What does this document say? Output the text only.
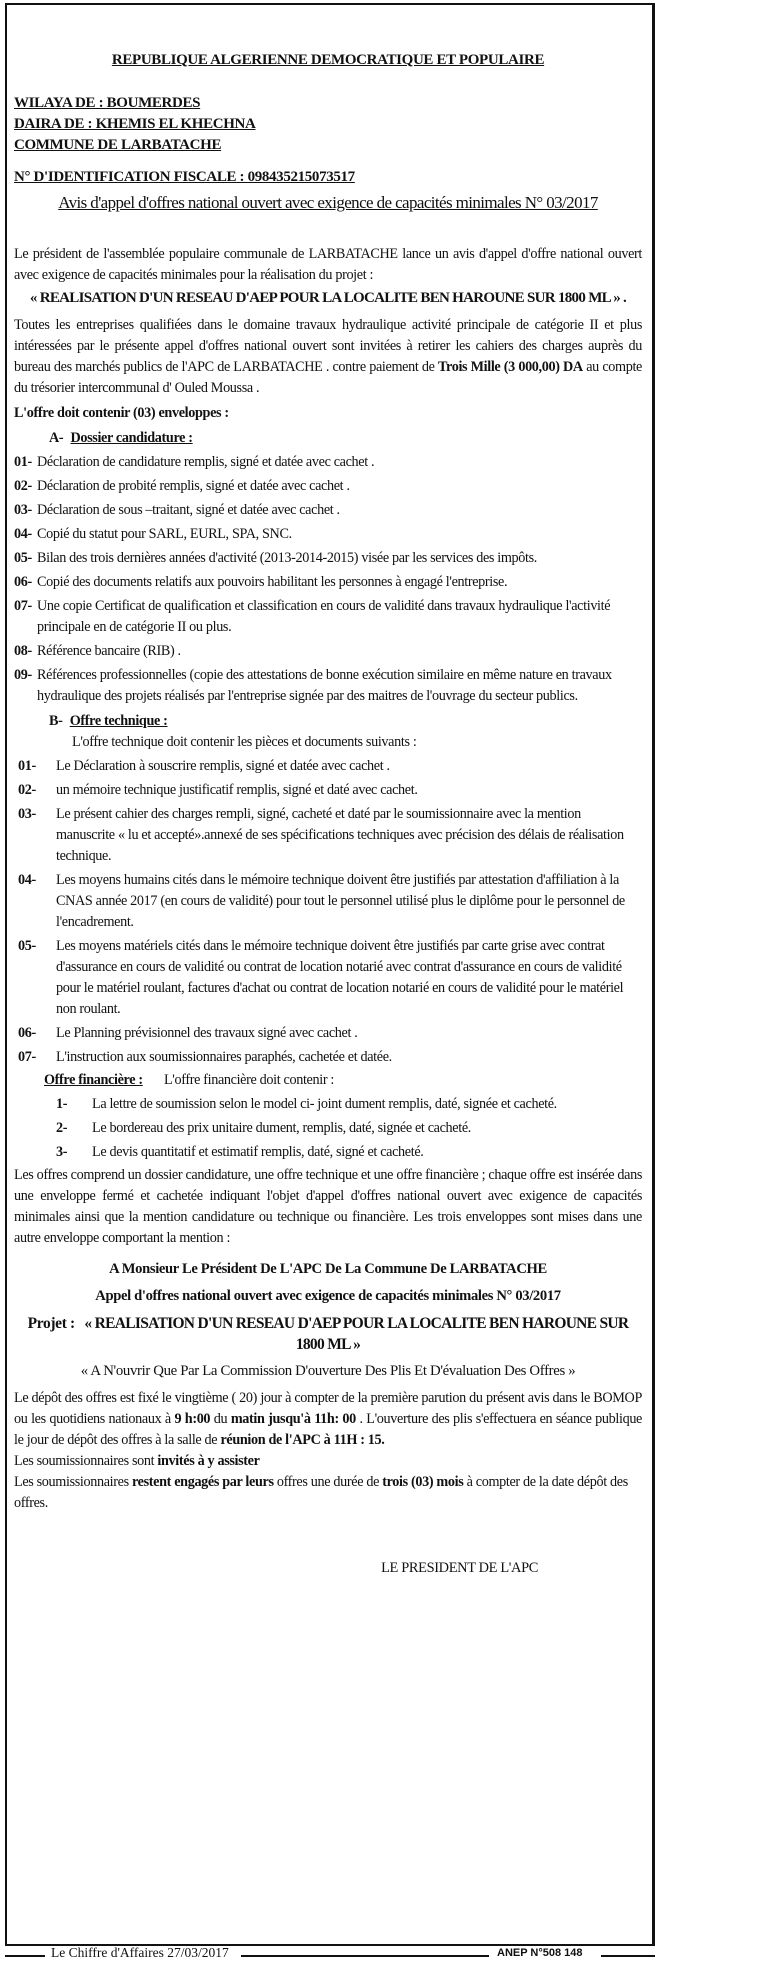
REPUBLIQUE ALGERIENNE DEMOCRATIQUE ET POPULAIRE
WILAYA DE : BOUMERDES
DAIRA DE : KHEMIS EL KHECHNA
COMMUNE DE LARBATACHE
N° D'IDENTIFICATION FISCALE : 098435215073517
Avis d'appel d'offres national ouvert avec exigence de capacités minimales N° 03/2017
Le président de l'assemblée populaire communale de LARBATACHE lance un avis d'appel d'offre national ouvert avec exigence de capacités minimales pour la réalisation du projet :
« REALISATION D'UN RESEAU D'AEP POUR LA LOCALITE BEN HAROUNE SUR 1800 ML » .
Toutes les entreprises qualifiées dans le domaine travaux hydraulique activité principale de catégorie II et plus intéressées par le présente appel d'offres national ouvert sont invitées à retirer les cahiers des charges auprès du bureau des marchés publics de l'APC de LARBATACHE . contre paiement de Trois Mille (3 000,00) DA au compte du trésorier intercommunal d' Ouled Moussa .
L'offre doit contenir (03) enveloppes :
A- Dossier candidature :
01- Déclaration de candidature remplis, signé et datée avec cachet .
02- Déclaration de probité remplis, signé et datée avec cachet .
03- Déclaration de sous –traitant, signé et datée avec cachet .
04- Copié du statut pour SARL, EURL, SPA, SNC.
05- Bilan des trois dernières années d'activité (2013-2014-2015) visée par les services des impôts.
06- Copié des documents relatifs aux pouvoirs habilitant les personnes à engagé l'entreprise.
07- Une copie Certificat de qualification et classification en cours de validité dans travaux hydraulique l'activité principale en de catégorie II ou plus.
08- Référence bancaire (RIB) .
09- Références professionnelles (copie des attestations de bonne exécution similaire en même nature en travaux hydraulique des projets réalisés par l'entreprise signée par des maitres de l'ouvrage du secteur publics.
B- Offre technique :
L'offre technique doit contenir les pièces et documents suivants :
01-	Le Déclaration à souscrire remplis, signé et datée avec cachet .
02-	un mémoire technique justificatif remplis, signé et daté avec cachet.
03-	Le présent cahier des charges rempli, signé, cacheté et daté par le soumissionnaire avec la mention manuscrite « lu et accepté».annexé de ses spécifications techniques avec précision des délais de réalisation technique.
04-	Les moyens humains cités dans le mémoire technique doivent être justifiés par attestation d'affiliation à la CNAS année 2017 (en cours de validité) pour tout le personnel utilisé plus le diplôme pour le personnel de l'encadrement.
05-	Les moyens matériels cités dans le mémoire technique doivent être justifiés par carte grise avec contrat d'assurance en cours de validité ou contrat de location notarié avec contrat d'assurance en cours de validité pour le matériel roulant, factures d'achat ou contrat de location notarié en cours de validité pour le matériel non roulant.
06-	Le Planning prévisionnel des travaux signé avec cachet .
07-	L'instruction aux soumissionnaires paraphés, cachetée et datée.
Offre financière : L'offre financière doit contenir :
1-	La lettre de soumission selon le model ci- joint dument remplis, daté, signée et cacheté.
2-	Le bordereau des prix unitaire dument, remplis, daté, signée et cacheté.
3-	Le devis quantitatif et estimatif remplis, daté, signé et cacheté.
Les offres comprend un dossier candidature, une offre technique et une offre financière ; chaque offre est insérée dans une enveloppe fermé et cachetée indiquant l'objet d'appel d'offres national ouvert avec exigence de capacités minimales ainsi que la mention candidature ou technique ou financière. Les trois enveloppes sont mises dans une autre enveloppe comportant la mention :
A Monsieur Le Président De L'APC De La Commune De LARBATACHE
Appel d'offres national ouvert avec exigence de capacités minimales N° 03/2017
Projet : « REALISATION D'UN RESEAU D'AEP POUR LA LOCALITE BEN HAROUNE SUR 1800 ML »
« A N'ouvrir Que Par La Commission D'ouverture Des Plis Et D'évaluation Des Offres »
Le dépôt des offres est fixé le vingtième ( 20) jour à compter de la première parution du présent avis dans le BOMOP ou les quotidiens nationaux à 9 h:00 du matin jusqu'à 11h: 00 . L'ouverture des plis s'effectuera en séance publique le jour de dépôt des offres à la salle de réunion de l'APC à 11H : 15.
Les soumissionnaires sont invités à y assister
Les soumissionnaires restent engagés par leurs offres une durée de trois (03) mois à compter de la date dépôt des offres.
LE PRESIDENT DE L'APC
Le Chiffre d'Affaires 27/03/2017	ANEP N°508 148
